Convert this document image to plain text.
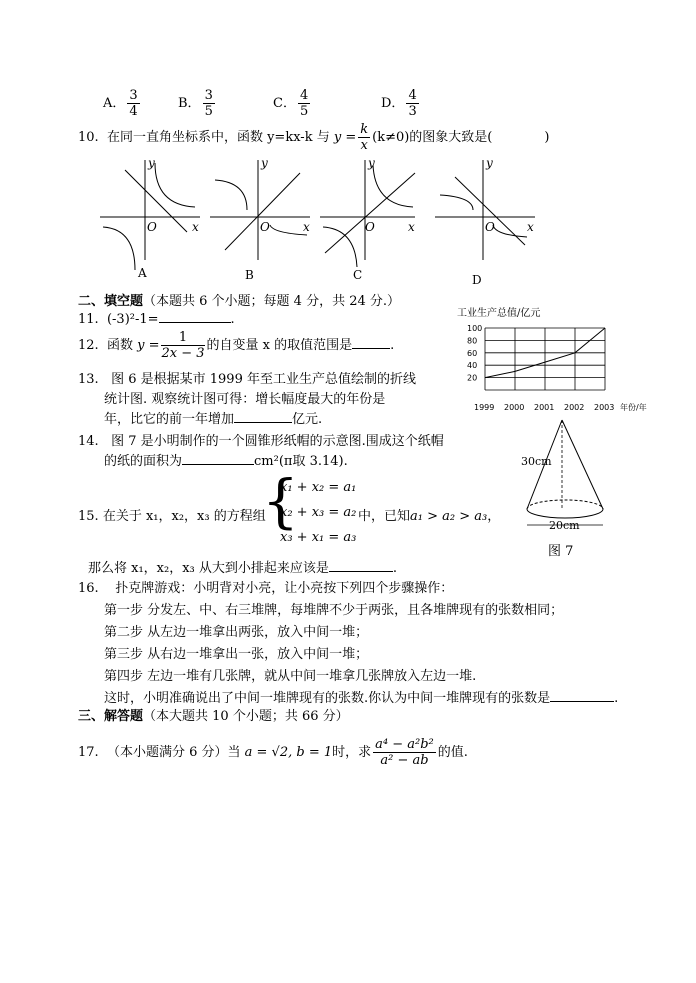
A． $\frac{3}{4}$	B． $\frac{3}{5}$	C． $\frac{4}{5}$	D． $\frac{4}{3}$
10. 在同一直角坐标系中，函数 y=kx-k 与 $y = \frac{k}{x} (k\ne 0)$的图象大致是(	)
x
y
O	x
y
O	x
y
O	x
y
O
A	B	C	D
二、填空题（本题共 6 个小题；每题 4 分，共 24 分.）
11. (-3)²-1=	.
12. 函数 $y = \frac{1}{2x - 3}$ 的自变量 x 的取值范围是	.
13. 图 6 是根据某市 1999 年至工业生产总值绘制的折线
统计图. 观察统计图可得：增长幅度最大的年份是
年，比它的前一年增加	亿元.
14. 图 7 是小明制作的一个圆锥形纸帽的示意图.围成这个纸帽
的纸的面积为	cm²(π取 3.14).
工业生产总值/亿元
20
40
60
80
100
1999 2000 2001 2002 2003 年份/年
30cm
20cm
图 7
15. 在关于 x₁，x₂，x₃ 的方程组
{
x₁ + x₂ = a₁
x₂ + x₃ = a₂
x₃ + x₁ = a₃
中，已知a₁ > a₂ > a₃，
那么将 x₁，x₂，x₃ 从大到小排起来应该是	.
16. 扑克牌游戏：小明背对小亮，让小亮按下列四个步骤操作：
第一步 分发左、中、右三堆牌，每堆牌不少于两张，且各堆牌现有的张数相同；
第二步 从左边一堆拿出两张，放入中间一堆；
第三步 从右边一堆拿出一张，放入中间一堆；
第四步 左边一堆有几张牌，就从中间一堆拿几张牌放入左边一堆.
这时，小明准确说出了中间一堆牌现有的张数.你认为中间一堆牌现有的张数是	.
三、解答题（本大题共 10 个小题；共 66 分）
17. （本小题满分 6 分）当 a = √2, b = 1时，求 $\frac{\text{a⁴ − a²b²}}{\text{a² − ab}}$ 的值.
